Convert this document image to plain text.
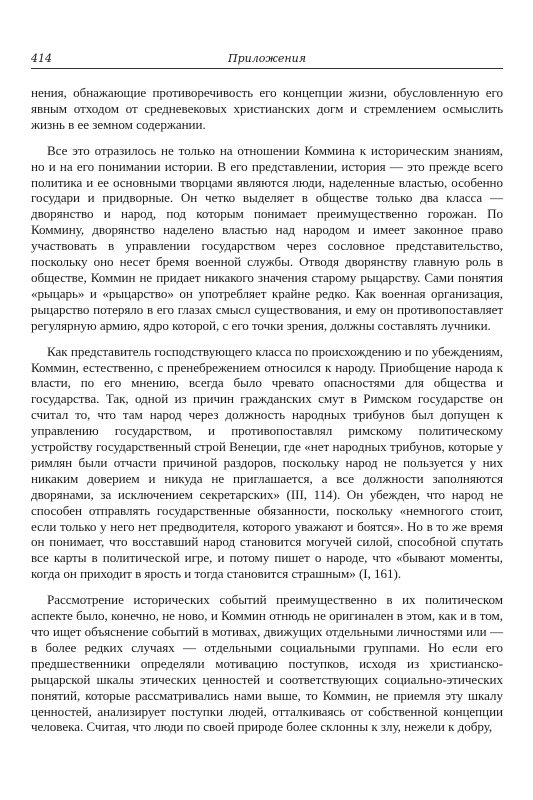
414	Приложения

нения, обнажающие противоречивость его концепции жизни, обусловленную его явным отходом от средневековых христианских догм и стремлением осмыслить жизнь в ее земном содержании.

Все это отразилось не только на отношении Коммина к историческим знаниям, но и на его понимании истории. В его представлении, история — это прежде всего политика и ее основными творцами являются люди, наделенные властью, особенно государи и придворные. Он четко выделяет в обществе только два класса — дворянство и народ, под которым понимает преимущественно горожан. По Коммину, дворянство наделено властью над народом и имеет законное право участвовать в управлении государством через сословное представительство, поскольку оно несет бремя военной службы. Отводя дворянству главную роль в обществе, Коммин не придает никакого значения старому рыцарству. Сами понятия «рыцарь» и «рыцарство» он употребляет крайне редко. Как военная организация, рыцарство потеряло в его глазах смысл существования, и ему он противопоставляет регулярную армию, ядро которой, с его точки зрения, должны составлять лучники.

Как представитель господствующего класса по происхождению и по убеждениям, Коммин, естественно, с пренебрежением относился к народу. Приобщение народа к власти, по его мнению, всегда было чревато опасностями для общества и государства. Так, одной из причин гражданских смут в Римском государстве он считал то, что там народ через должность народных трибунов был допущен к управлению государством, и противопоставлял римскому политическому устройству государственный строй Венеции, где «нет народных трибунов, которые у римлян были отчасти причиной раздоров, поскольку народ не пользуется у них никаким доверием и никуда не приглашается, а все должности заполняются дворянами, за исключением секретарских» (III, 114). Он убежден, что народ не способен отправлять государственные обязанности, поскольку «немногого стоит, если только у него нет предводителя, которого уважают и боятся». Но в то же время он понимает, что восставший народ становится могучей силой, способной спутать все карты в политической игре, и потому пишет о народе, что «бывают моменты, когда он приходит в ярость и тогда становится страшным» (I, 161).

Рассмотрение исторических событий преимущественно в их политическом аспекте было, конечно, не ново, и Коммин отнюдь не оригинален в этом, как и в том, что ищет объяснение событий в мотивах, движущих отдельными личностями или — в более редких случаях — отдельными социальными группами. Но если его предшественники определяли мотивацию поступков, исходя из христианско-рыцарской шкалы этических ценностей и соответствующих социально-этических понятий, которые рассматривались нами выше, то Коммин, не приемля эту шкалу ценностей, анализирует поступки людей, отталкиваясь от собственной концепции человека. Считая, что люди по своей природе более склонны к злу, нежели к добру,
